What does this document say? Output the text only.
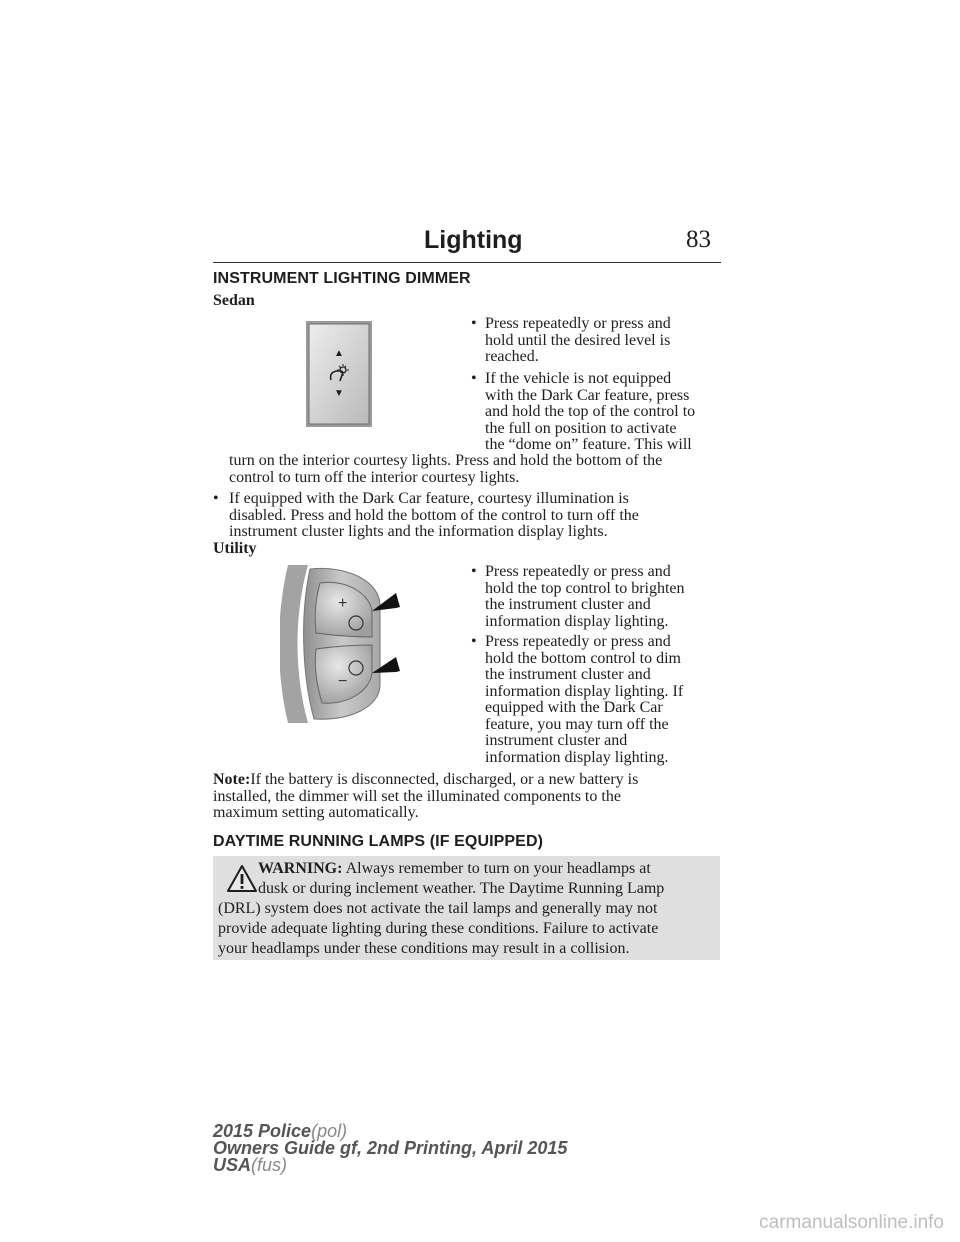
Lighting	83
INSTRUMENT LIGHTING DIMMER
Sedan
▲
▼
• Press repeatedly or press and
hold until the desired level is
reached.
• If the vehicle is not equipped
with the Dark Car feature, press
and hold the top of the control to
the full on position to activate
the “dome on” feature. This will
turn on the interior courtesy lights. Press and hold the bottom of the
control to turn off the interior courtesy lights.
• If equipped with the Dark Car feature, courtesy illumination is
disabled. Press and hold the bottom of the control to turn off the
instrument cluster lights and the information display lights.
Utility
+
−
• Press repeatedly or press and
hold the top control to brighten
the instrument cluster and
information display lighting.
• Press repeatedly or press and
hold the bottom control to dim
the instrument cluster and
information display lighting. If
equipped with the Dark Car
feature, you may turn off the
instrument cluster and
information display lighting.
Note:If the battery is disconnected, discharged, or a new battery is
installed, the dimmer will set the illuminated components to the
maximum setting automatically.
DAYTIME RUNNING LAMPS (IF EQUIPPED)
WARNING: Always remember to turn on your headlamps at
dusk or during inclement weather. The Daytime Running Lamp
(DRL) system does not activate the tail lamps and generally may not
provide adequate lighting during these conditions. Failure to activate
your headlamps under these conditions may result in a collision.
2015 Police(pol)
Owners Guide gf, 2nd Printing, April 2015
USA(fus)
carmanualsonline.info
